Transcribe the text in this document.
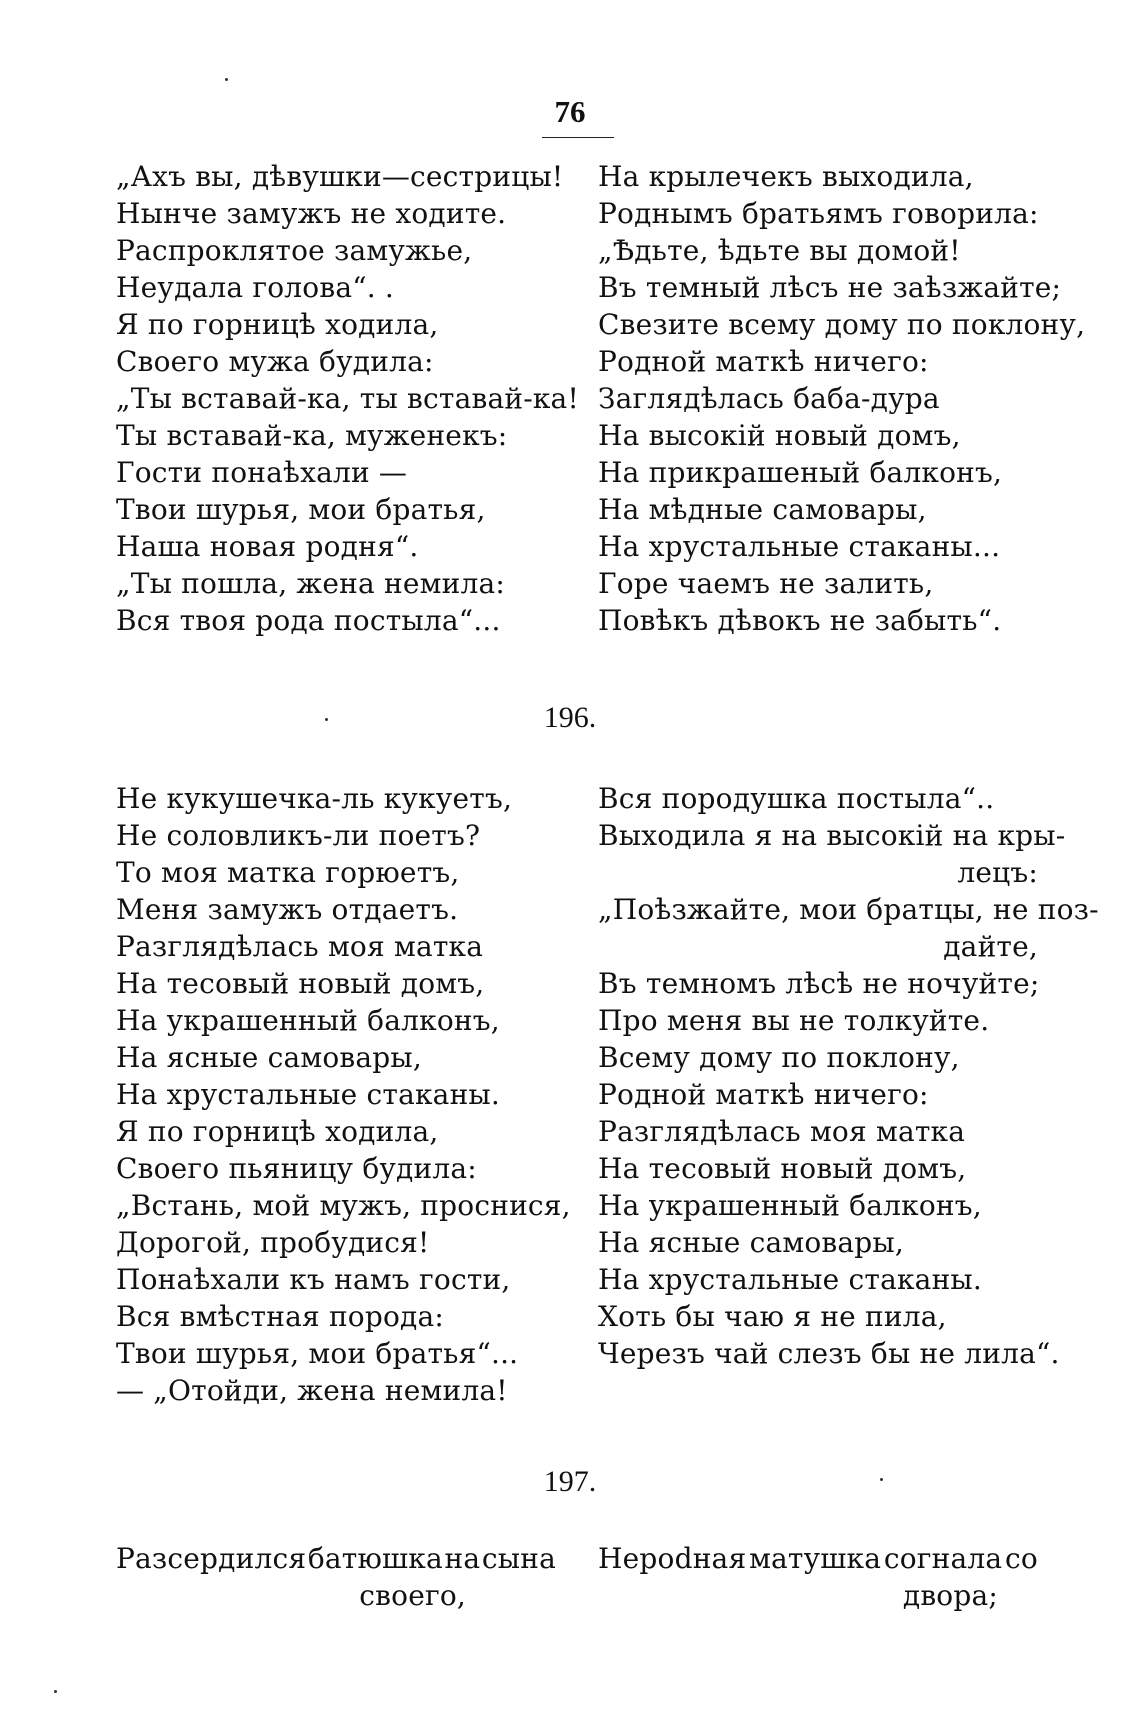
76
„Ахъ вы, дѣвушки—сестрицы!
Нынче замужъ не ходите.
Распроклятое замужье,
Неудала голова“. .
Я по горницѣ ходила,
Своего мужа будила:
„Ты вставай-ка, ты вставай-ка!
Ты вставай-ка, муженекъ:
Гости понаѣхали —
Твои шурья, мои братья,
Наша новая родня“.
„Ты пошла, жена немила:
Вся твоя рода постыла“...
На крылечекъ выходила,
Роднымъ братьямъ говорила:
„Ѣдьте, ѣдьте вы домой!
Въ темный лѣсъ не заѣзжайте;
Свезите всему дому по поклону,
Родной маткѣ ничего:
Заглядѣлась баба-дура
На высокій новый домъ,
На прикрашеный балконъ,
На мѣдные самовары,
На хрустальные стаканы...
Горе чаемъ не залить,
Повѣкъ дѣвокъ не забыть“.
196.
Не кукушечка-ль кукуетъ,
Не соловликъ-ли поетъ?
То моя матка горюетъ,
Меня замужъ отдаетъ.
Разглядѣлась моя матка
На тесовый новый домъ,
На украшенный балконъ,
На ясные самовары,
На хрустальные стаканы.
Я по горницѣ ходила,
Своего пьяницу будила:
„Встань, мой мужъ, проснися,
Дорогой, пробудися!
Понаѣхали къ намъ гости,
Вся вмѣстная порода:
Твои шурья, мои братья“...
— „Отойди, жена немила!
Вся породушка постыла“..
Выходила я на высокій на кры-
лецъ:
„Поѣзжайте, мои братцы, не поз-
дайте,
Въ темномъ лѣсѣ не ночуйте;
Про меня вы не толкуйте.
Всему дому по поклону,
Родной маткѣ ничего:
Разглядѣлась моя матка
На тесовый новый домъ,
На украшенный балконъ,
На ясные самовары,
На хрустальные стаканы.
Хоть бы чаю я не пила,
Черезъ чай слезъ бы не лила“.
197.
Разсердился батюшка на сына
своего,
Нерodная матушка согнала со
двора;
